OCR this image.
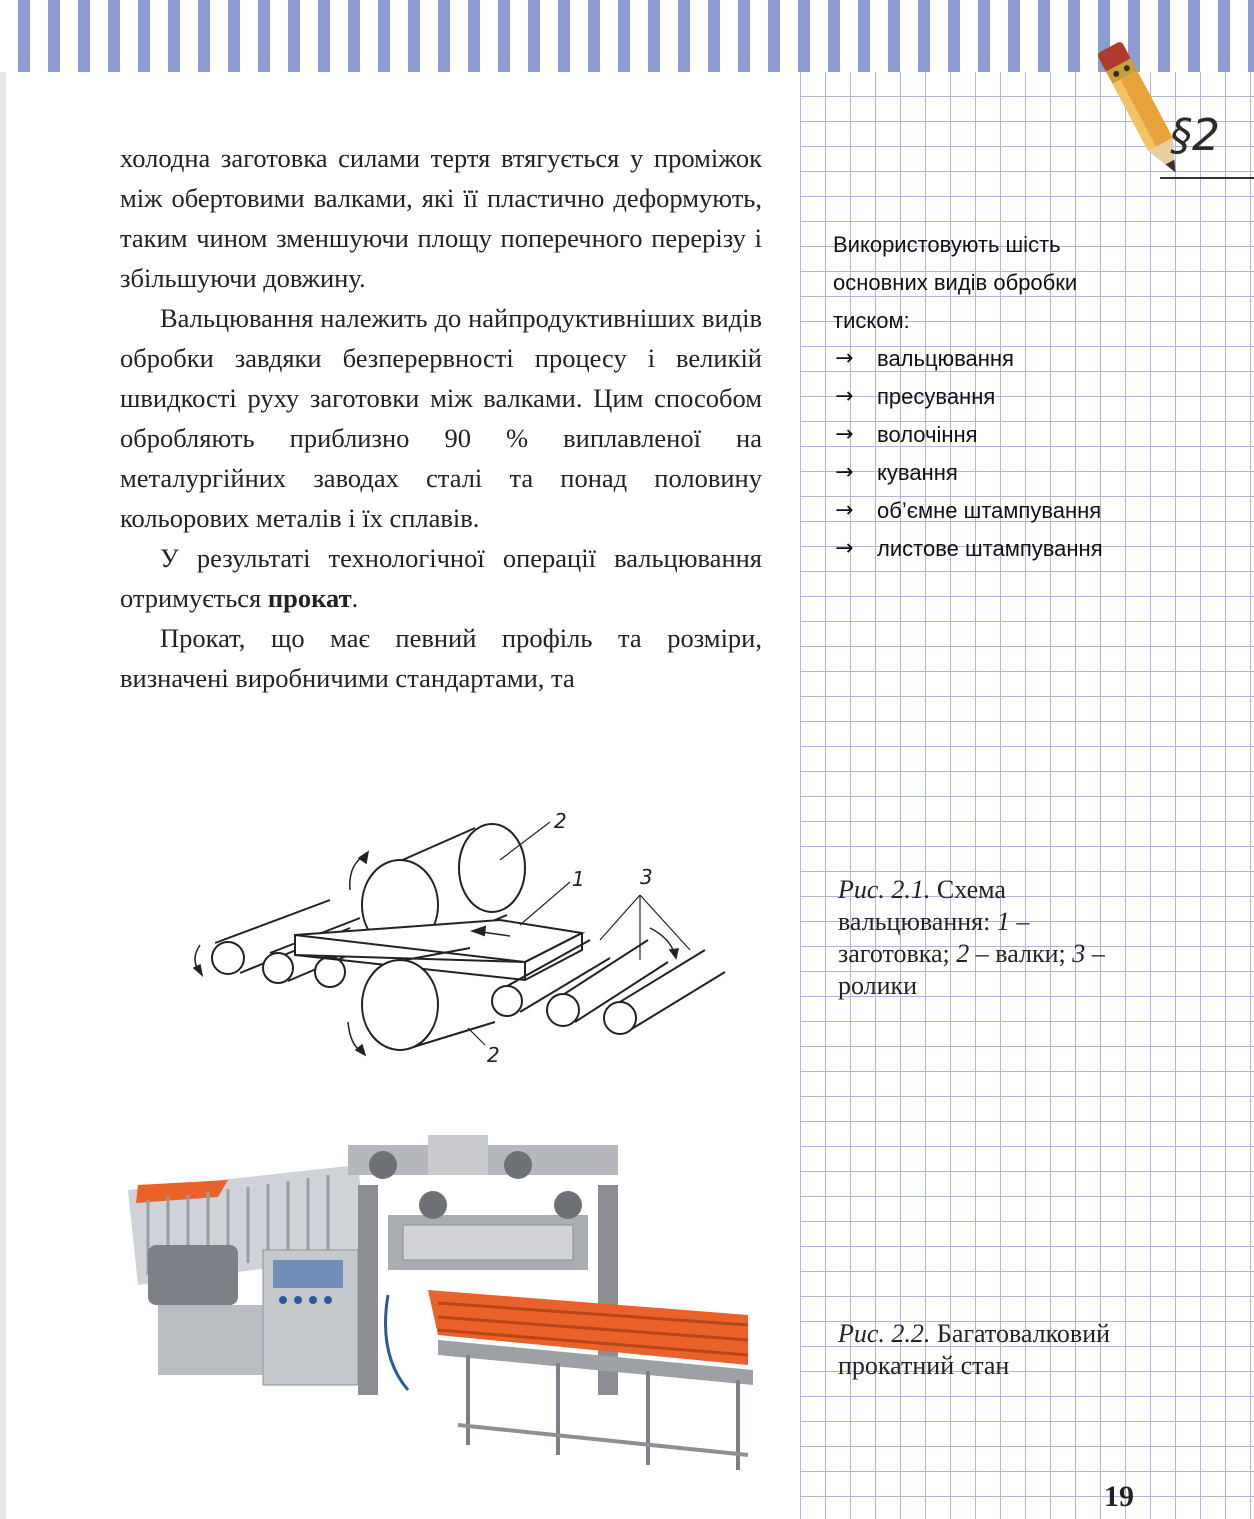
§2

холодна заготовка силами тертя втягується у проміжок між обертовими валками, які її пластично деформують, таким чином зменшуючи площу поперечного перерізу і збільшуючи довжину.

Вальцювання належить до найпродуктивніших видів обробки завдяки безперервності процесу і великій швидкості руху заготовки між валками. Цим способом обробляють приблизно 90 % виплавленої на металургійних заводах сталі та понад половину кольорових металів і їх сплавів.

У результаті технологічної операції вальцювання отримується прокат.

Прокат, що має певний профіль та розміри, визначені виробничими стандартами, та

Використовують шість основних видів обробки тиском:

→	вальцювання
→	пресування
→	волочіння
→	кування
→	об’ємне штампування
→	листове штампування
2
1	3
2
Рис. 2.1. Схема вальцювання: 1 – заготовка; 2 – валки; 3 – ролики
Рис. 2.2. Багатовалковий прокатний стан
19
